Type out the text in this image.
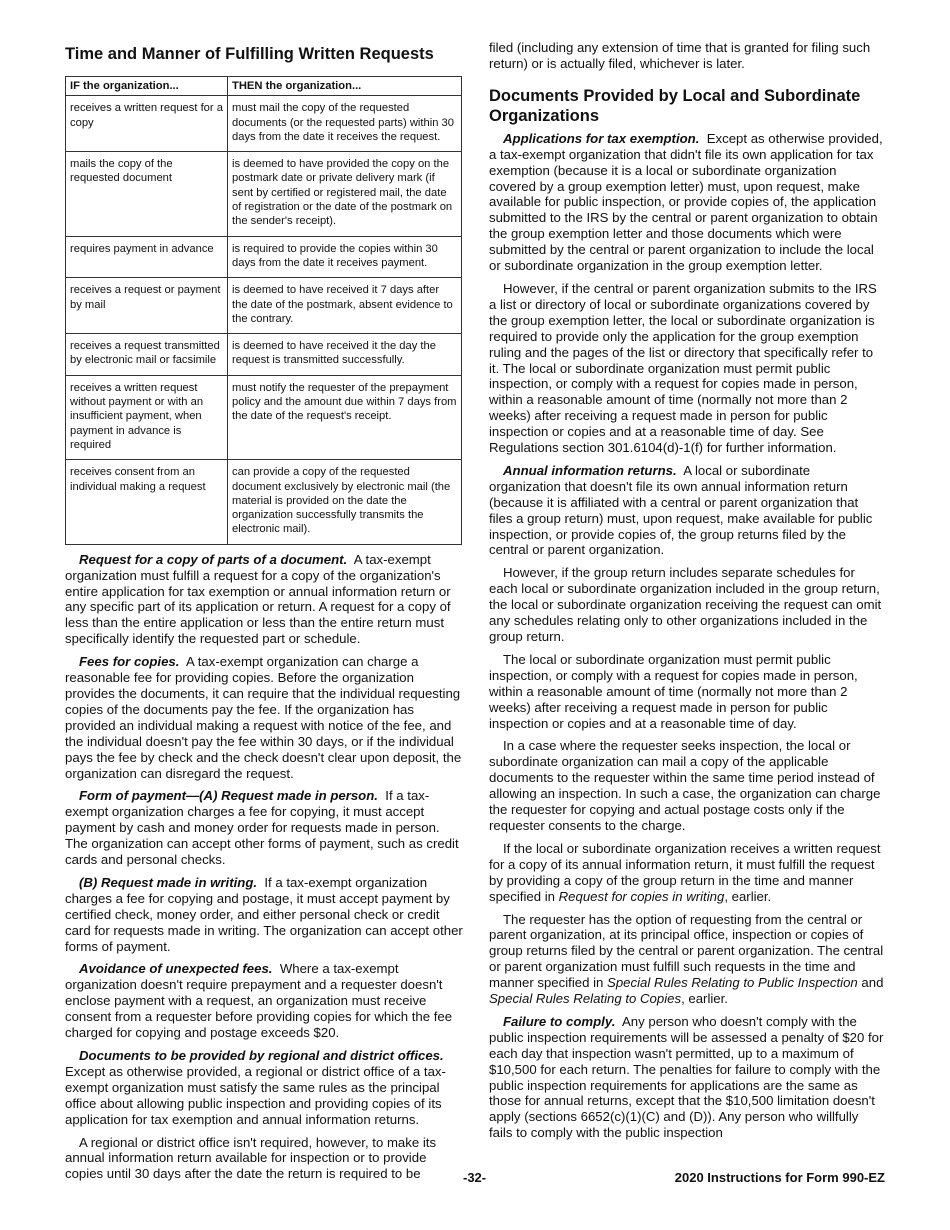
Time and Manner of Fulfilling Written Requests
IF the organization...	THEN the organization...
receives a written request for a copy	must mail the copy of the requested documents (or the requested parts) within 30 days from the date it receives the request.
mails the copy of the requested document	is deemed to have provided the copy on the postmark date or private delivery mark (if sent by certified or registered mail, the date of registration or the date of the postmark on the sender's receipt).
requires payment in advance	is required to provide the copies within 30 days from the date it receives payment.
receives a request or payment by mail	is deemed to have received it 7 days after the date of the postmark, absent evidence to the contrary.
receives a request transmitted by electronic mail or facsimile	is deemed to have received it the day the request is transmitted successfully.
receives a written request without payment or with an insufficient payment, when payment in advance is required	must notify the requester of the prepayment policy and the amount due within 7 days from the date of the request's receipt.
receives consent from an individual making a request	can provide a copy of the requested document exclusively by electronic mail (the material is provided on the date the organization successfully transmits the electronic mail).

Request for a copy of parts of a document. A tax-exempt organization must fulfill a request for a copy of the organization's entire application for tax exemption or annual information return or any specific part of its application or return. A request for a copy of less than the entire application or less than the entire return must specifically identify the requested part or schedule.

Fees for copies. A tax-exempt organization can charge a reasonable fee for providing copies. Before the organization provides the documents, it can require that the individual requesting copies of the documents pay the fee. If the organization has provided an individual making a request with notice of the fee, and the individual doesn't pay the fee within 30 days, or if the individual pays the fee by check and the check doesn't clear upon deposit, the organization can disregard the request.

Form of payment—(A) Request made in person. If a tax-exempt organization charges a fee for copying, it must accept payment by cash and money order for requests made in person. The organization can accept other forms of payment, such as credit cards and personal checks.

(B) Request made in writing. If a tax-exempt organization charges a fee for copying and postage, it must accept payment by certified check, money order, and either personal check or credit card for requests made in writing. The organization can accept other forms of payment.

Avoidance of unexpected fees. Where a tax-exempt organization doesn't require prepayment and a requester doesn't enclose payment with a request, an organization must receive consent from a requester before providing copies for which the fee charged for copying and postage exceeds $20.

Documents to be provided by regional and district offices.  Except as otherwise provided, a regional or district office of a tax-exempt organization must satisfy the same rules as the principal office about allowing public inspection and providing copies of its application for tax exemption and annual information returns.

A regional or district office isn't required, however, to make its annual information return available for inspection or to provide copies until 30 days after the date the return is required to be

filed (including any extension of time that is granted for filing such return) or is actually filed, whichever is later.

Documents Provided by Local and Subordinate Organizations

Applications for tax exemption. Except as otherwise provided, a tax-exempt organization that didn't file its own application for tax exemption (because it is a local or subordinate organization covered by a group exemption letter) must, upon request, make available for public inspection, or provide copies of, the application submitted to the IRS by the central or parent organization to obtain the group exemption letter and those documents which were submitted by the central or parent organization to include the local or subordinate organization in the group exemption letter.

However, if the central or parent organization submits to the IRS a list or directory of local or subordinate organizations covered by the group exemption letter, the local or subordinate organization is required to provide only the application for the group exemption ruling and the pages of the list or directory that specifically refer to it. The local or subordinate organization must permit public inspection, or comply with a request for copies made in person, within a reasonable amount of time (normally not more than 2 weeks) after receiving a request made in person for public inspection or copies and at a reasonable time of day. See Regulations section 301.6104(d)-1(f) for further information.

Annual information returns. A local or subordinate organization that doesn't file its own annual information return (because it is affiliated with a central or parent organization that files a group return) must, upon request, make available for public inspection, or provide copies of, the group returns filed by the central or parent organization.

However, if the group return includes separate schedules for each local or subordinate organization included in the group return, the local or subordinate organization receiving the request can omit any schedules relating only to other organizations included in the group return.

The local or subordinate organization must permit public inspection, or comply with a request for copies made in person, within a reasonable amount of time (normally not more than 2 weeks) after receiving a request made in person for public inspection or copies and at a reasonable time of day.

In a case where the requester seeks inspection, the local or subordinate organization can mail a copy of the applicable documents to the requester within the same time period instead of allowing an inspection. In such a case, the organization can charge the requester for copying and actual postage costs only if the requester consents to the charge.

If the local or subordinate organization receives a written request for a copy of its annual information return, it must fulfill the request by providing a copy of the group return in the time and manner specified in Request for copies in writing, earlier.

The requester has the option of requesting from the central or parent organization, at its principal office, inspection or copies of group returns filed by the central or parent organization. The central or parent organization must fulfill such requests in the time and manner specified in Special Rules Relating to Public Inspection and Special Rules Relating to Copies, earlier.

Failure to comply. Any person who doesn't comply with the public inspection requirements will be assessed a penalty of $20 for each day that inspection wasn't permitted, up to a maximum of $10,500 for each return. The penalties for failure to comply with the public inspection requirements for applications are the same as those for annual returns, except that the $10,500 limitation doesn't apply (sections 6652(c)(1)(C) and (D)). Any person who willfully fails to comply with the public inspection

-32-	2020 Instructions for Form 990-EZ
